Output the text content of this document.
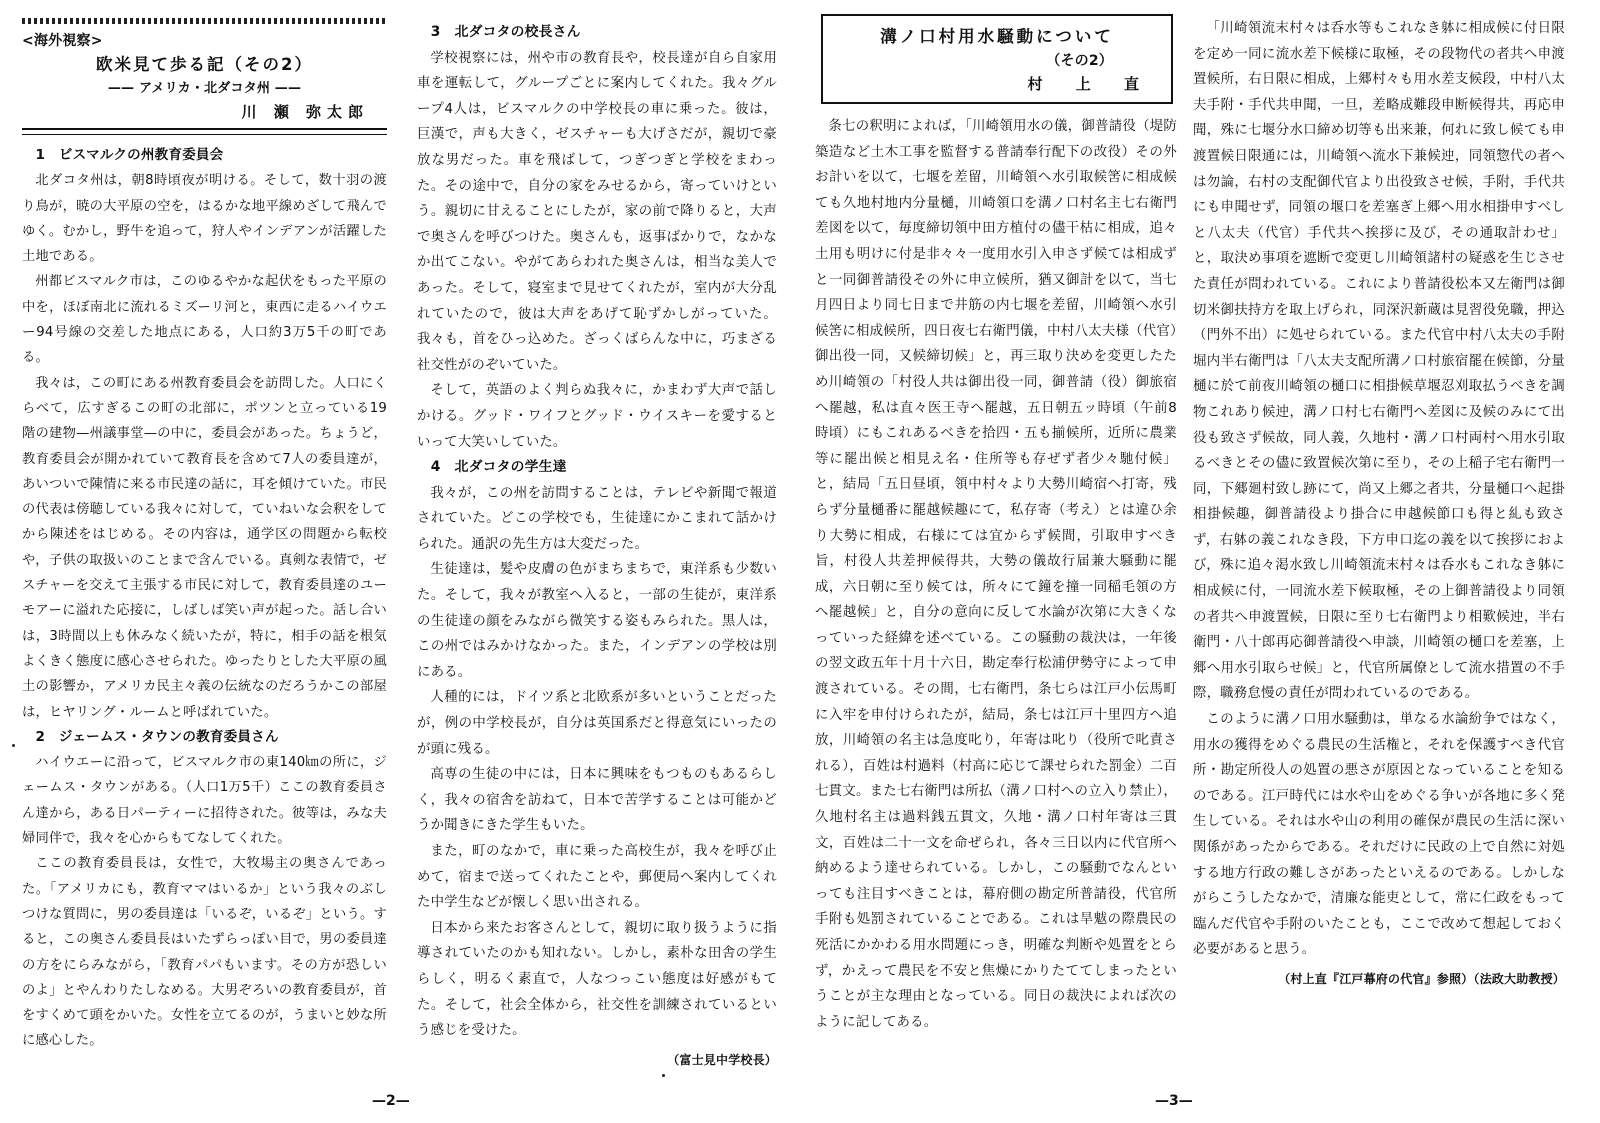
<海外視察>
欧米見て歩る記（その2）
—— アメリカ・北ダコタ州 ——
川 瀬 弥太郎
1　ビスマルクの州教育委員会

北ダコタ州は，朝8時頃夜が明ける。そして，数十羽の渡り鳥が，暁の大平原の空を，はるかな地平線めざして飛んでゆく。むかし，野牛を追って，狩人やインデアンが活躍した土地である。

州都ビスマルク市は，このゆるやかな起伏をもった平原の中を，ほぼ南北に流れるミズーリ河と，東西に走るハイウエー94号線の交差した地点にある，人口約3万5千の町である。

我々は，この町にある州教育委員会を訪問した。人口にくらべて，広すぎるこの町の北部に，ポツンと立っている19階の建物—州議事堂—の中に，委員会があった。ちょうど，教育委員会が開かれていて教育長を含めて7人の委員達が，あいついで陳情に来る市民達の話に，耳を傾けていた。市民の代表は傍聴している我々に対して，ていねいな会釈をしてから陳述をはじめる。その内容は，通学区の問題から転校や，子供の取扱いのことまで含んでいる。真剣な表情で，ゼスチャーを交えて主張する市民に対して，教育委員達のユーモアーに溢れた応接に，しばしば笑い声が起った。話し合いは，3時間以上も休みなく続いたが，特に，相手の話を根気よくきく態度に感心させられた。ゆったりとした大平原の風土の影響か，アメリカ民主々義の伝統なのだろうかこの部屋は，ヒヤリング・ルームと呼ばれていた。

2　ジェームス・タウンの教育委員さん

ハイウエーに沿って，ビスマルク市の東140㎞の所に，ジェームス・タウンがある。（人口1万5千）ここの教育委員さん達から，ある日パーティーに招待された。彼等は，みな夫婦同伴で，我々を心からもてなしてくれた。

ここの教育委員長は，女性で，大牧場主の奥さんであった。「アメリカにも，教育ママはいるか」という我々のぶしつけな質問に，男の委員達は「いるぞ，いるぞ」という。すると，この奥さん委員長はいたずらっぽい目で，男の委員達の方をにらみながら，「教育パパもいます。その方が恐しいのよ」とやんわりたしなめる。大男ぞろいの教育委員が，首をすくめて頭をかいた。女性を立てるのが，うまいと妙な所に感心した。

3　北ダコタの校長さん

学校視察には，州や市の教育長や，校長達が自ら自家用車を運転して，グループごとに案内してくれた。我々グループ4人は，ビスマルクの中学校長の車に乗った。彼は，巨漢で，声も大きく，ゼスチャーも大げさだが，親切で豪放な男だった。車を飛ばして，つぎつぎと学校をまわった。その途中で，自分の家をみせるから，寄っていけという。親切に甘えることにしたが，家の前で降りると，大声で奥さんを呼びつけた。奥さんも，返事ばかりで，なかなか出てこない。やがてあらわれた奥さんは，相当な美人であった。そして，寝室まで見せてくれたが，室内が大分乱れていたので，彼は大声をあげて恥ずかしがっていた。我々も，首をひっ込めた。ざっくばらんな中に，巧まざる社交性がのぞいていた。

そして，英語のよく判らぬ我々に，かまわず大声で話しかける。グッド・ワイフとグッド・ウイスキーを愛するといって大笑いしていた。

4　北ダコタの学生達

我々が，この州を訪問することは，テレビや新聞で報道されていた。どこの学校でも，生徒達にかこまれて話かけられた。通訳の先生方は大変だった。

生徒達は，髪や皮膚の色がまちまちで，東洋系も少数いた。そして，我々が教室へ入ると，一部の生徒が，東洋系の生徒達の顔をみながら微笑する姿もみられた。黒人は，この州ではみかけなかった。また，インデアンの学校は別にある。

人種的には，ドイツ系と北欧系が多いということだったが，例の中学校長が，自分は英国系だと得意気にいったのが頭に残る。

高専の生徒の中には，日本に興味をもつものもあるらしく，我々の宿舎を訪ねて，日本で苦学することは可能かどうか聞きにきた学生もいた。

また，町のなかで，車に乗った高校生が，我々を呼び止めて，宿まで送ってくれたことや，郵便局へ案内してくれた中学生などが懐しく思い出される。

日本から来たお客さんとして，親切に取り扱うように指導されていたのかも知れない。しかし，素朴な田舎の学生らしく，明るく素直で，人なつっこい態度は好感がもてた。そして，社会全体から，社交性を訓練されているという感じを受けた。

（富士見中学校長）
—2—
溝ノ口村用水騒動について
（その2）
村 上 直

条七の釈明によれば，「川崎領用水の儀，御普請役（堤防築造など土木工事を監督する普請奉行配下の改役）その外お計いを以て，七堰を差留，川崎領へ水引取候筈に相成候ても久地村地内分量樋，川崎領口を溝ノ口村名主七右衛門差図を以て，毎度締切領中田方植付の儘干枯に相成，追々土用も明けに付是非々々一度用水引入申さず候ては相成ずと一同御普請役その外に申立候所，猶又御計を以て，当七月四日より同七日まで井筋の内七堰を差留，川崎領へ水引候筈に相成候所，四日夜七右衛門儀，中村八太夫様（代官）御出役一同，又候締切候」と，再三取り決めを変更したため川崎領の「村役人共は御出役一同，御普請（役）御旅宿へ罷越，私は直々医王寺へ罷越，五日朝五ッ時頃（午前8時頃）にもこれあるべきを拾四・五も揃候所，近所に農業等に罷出候と相見え名・住所等も存ぜず者少々馳付候」と，結局「五日昼頃，領中村々より大勢川崎宿へ打寄，残らず分量樋番に罷越候趣にて，私存寄（考え）とは違ひ余り大勢に相成，右様にては宜からず候間，引取申すべき旨，村役人共差押候得共，大勢の儀故行届兼大騒動に罷成，六日朝に至り候ては，所々にて鐘を撞一同稲毛領の方へ罷越候」と，自分の意向に反して水論が次第に大きくなっていった経緯を述べている。この騒動の裁決は，一年後の翌文政五年十月十六日，勘定奉行松浦伊勢守によって申渡されている。その間，七右衛門，条七らは江戸小伝馬町に入牢を申付けられたが，結局，条七は江戸十里四方へ追放，川崎領の名主は急度叱り，年寄は叱り（役所で叱責される），百姓は村過料（村高に応じて課せられた罰金）二百七貫文。また七右衛門は所払（溝ノ口村への立入り禁止），久地村名主は過料銭五貫文，久地・溝ノ口村年寄は三貫文，百姓は二十一文を命ぜられ，各々三日以内に代官所へ納めるよう達せられている。しかし，この騒動でなんといっても注目すべきことは，幕府側の勘定所普請役，代官所手附も処罰されていることである。これは旱魃の際農民の死活にかかわる用水問題にっき，明確な判断や処置をとらず，かえって農民を不安と焦燥にかりたててしまったということが主な理由となっている。同日の裁決によれば次のように記してある。

「川崎領流末村々は呑水等もこれなき躰に相成候に付日限を定め一同に流水差下候様に取極，その段物代の者共へ申渡置候所，右日限に相成，上郷村々も用水差支候段，中村八太夫手附・手代共申聞，一旦，差略成難段申断候得共，再応申聞，殊に七堰分水口締め切等も出来兼，何れに致し候ても申渡置候日限通には，川崎領へ流水下兼候迚，同領惣代の者へは勿論，右村の支配御代官より出役致させ候，手附，手代共にも申聞せず，同領の堰口を差塞ぎ上郷へ用水相掛申すべしと八太夫（代官）手代共へ挨拶に及び，その通取計わせ」と，取決め事項を遮断で変更し川崎領諸村の疑惑を生じさせた責任が問われている。これにより普請役松本又左衛門は御切米御扶持方を取上げられ，同深沢新蔵は見習役免職，押込（門外不出）に処せられている。また代官中村八太夫の手附堀内半右衛門は「八太夫支配所溝ノ口村旅宿罷在候節，分量樋に於て前夜川崎領の樋口に相掛候草堰忍刈取払うべきを調物これあり候迚，溝ノ口村七右衛門へ差図に及候のみにて出役も致さず候故，同人義，久地村・溝ノ口村両村へ用水引取るべきとその儘に致置候次第に至り，その上稲子宅右衛門一同，下郷廻村致し跡にて，尚又上郷之者共，分量樋口へ起掛相掛候趣，御普請役より掛合に申越候節口も得と糺も致さず，右躰の義これなき段，下方申口迄の義を以て挨拶におよび，殊に追々渇水致し川崎領流末村々は呑水もこれなき躰に相成候に付，一同流水差下候取極，その上御普請役より同領の者共へ申渡置候，日限に至り七右衛門より相歎候迚，半右衛門・八十郎再応御普請役へ申談，川崎領の樋口を差塞，上郷へ用水引取らせ候」と，代官所属僚として流水措置の不手際，職務怠慢の責任が問われているのである。

このように溝ノ口用水騒動は，単なる水論紛争ではなく，用水の獲得をめぐる農民の生活権と，それを保護すべき代官所・勘定所役人の処置の悪さが原因となっていることを知るのである。江戸時代には水や山をめぐる争いが各地に多く発生している。それは水や山の利用の確保が農民の生活に深い関係があったからである。それだけに民政の上で自然に対処する地方行政の難しさがあったといえるのである。しかしながらこうしたなかで，清廉な能吏として，常に仁政をもって臨んだ代官や手附のいたことも，ここで改めて想起しておく必要があると思う。

（村上直『江戸幕府の代官』参照）（法政大助教授）
—3—
